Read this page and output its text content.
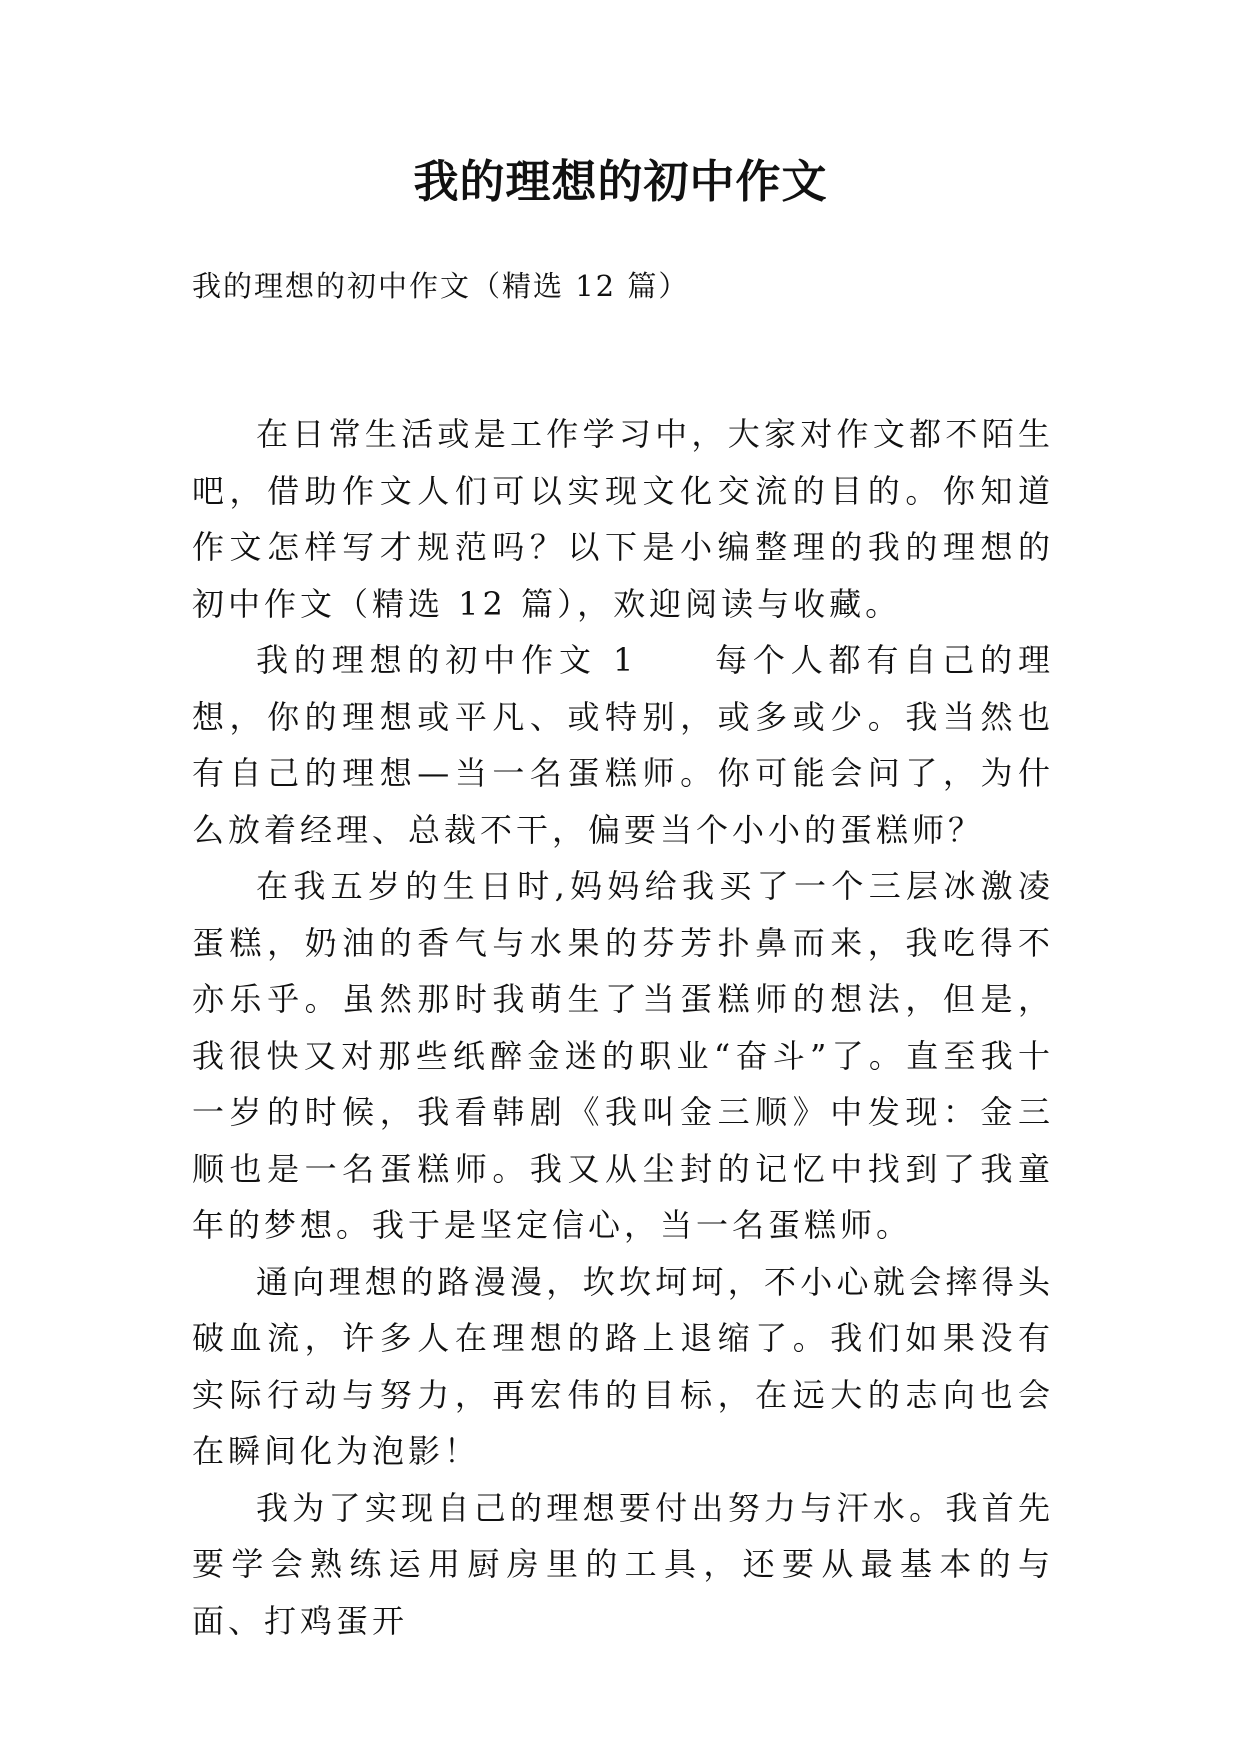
我的理想的初中作文
我的理想的初中作文（精选 12 篇）

在日常生活或是工作学习中，大家对作文都不陌生吧，借助作文人们可以实现文化交流的目的。你知道作文怎样写才规范吗？以下是小编整理的我的理想的初中作文（精选 12 篇），欢迎阅读与收藏。

我的理想的初中作文 1　　每个人都有自己的理想，你的理想或平凡、或特别，或多或少。我当然也有自己的理想—当一名蛋糕师。你可能会问了，为什么放着经理、总裁不干，偏要当个小小的蛋糕师？

在我五岁的生日时,妈妈给我买了一个三层冰激凌蛋糕，奶油的香气与水果的芬芳扑鼻而来，我吃得不亦乐乎。虽然那时我萌生了当蛋糕师的想法，但是，我很快又对那些纸醉金迷的职业“奋斗”了。直至我十一岁的时候，我看韩剧《我叫金三顺》中发现：金三顺也是一名蛋糕师。我又从尘封的记忆中找到了我童年的梦想。我于是坚定信心，当一名蛋糕师。

通向理想的路漫漫，坎坎坷坷，不小心就会摔得头破血流，许多人在理想的路上退缩了。我们如果没有实际行动与努力，再宏伟的目标，在远大的志向也会在瞬间化为泡影！

我为了实现自己的理想要付出努力与汗水。我首先要学会熟练运用厨房里的工具，还要从最基本的与面、打鸡蛋开
